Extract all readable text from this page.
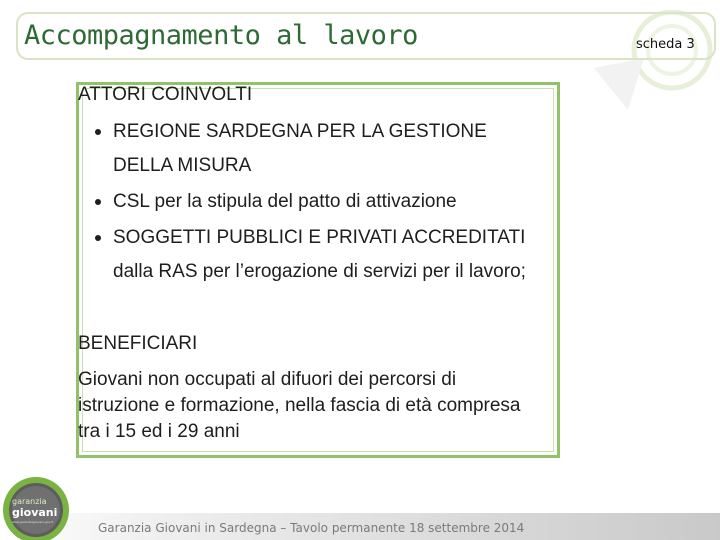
Accompagnamento al lavoro	scheda 3
ATTORI COINVOLTI
REGIONE SARDEGNA PER LA GESTIONE
DELLA MISURA
CSL per la stipula del patto di attivazione
SOGGETTI PUBBLICI E PRIVATI ACCREDITATI
dalla RAS per l’erogazione di servizi per il lavoro;
BENEFICIARI
Giovani non occupati al difuori dei percorsi di
istruzione e formazione, nella fascia di età compresa
tra i 15 ed i 29 anni
Garanzia Giovani in Sardegna – Tavolo permanente 18 settembre 2014
garanzia
giovani
www.garanziagiovani.gov.it
